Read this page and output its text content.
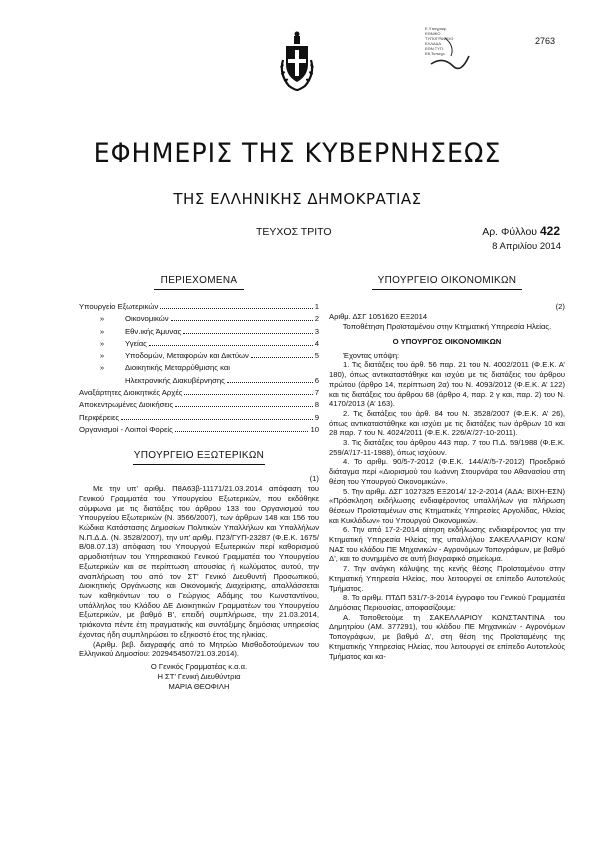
Ε.Υπογραφ.
ΕΘΝΙΚΟ
ΤΥΠΟΓΡΑΦΕΙΟ
ΕΛΛΑΔΑ
ΕΘΝ.ΤΥΠ.
Εθ.Τυπογρ.
2763
ΕΦΗΜΕΡΙΣ ΤΗΣ ΚΥΒΕΡΝΗΣΕΩΣ
ΤΗΣ ΕΛΛΗΝΙΚΗΣ ΔΗΜΟΚΡΑΤΙΑΣ
ΤΕΥΧΟΣ ΤΡΙΤΟ	Αρ. Φύλλου 422
8 Απριλίου 2014

ΠΕΡΙΕΧΟΜΕΝΑ

Υπουργείο Εξωτερικών	1
»	Οικονομικών	2
»	Εθν.ικής Άμυνας	3
»	Υγείας	4
»	Υποδομών, Μεταφορών και Δικτύων	5
»	Διοικητικής Μεταρρύθμισης και
Ηλεκτρονικής Διακυβέρνησης	6
Αναξάρτητες Διοικητικές Αρχές	7
Αποκεντρωμένες Διοικήσεις	8
Περιφέρειες	9
Οργανισμοί - Λοιποί Φορείς	10

ΥΠΟΥΡΓΕΙΟ ΕΞΩΤΕΡΙΚΩΝ

(1)

Με την υπ’ αριθμ. Π8Α63β-11171/21.03.2014 απόφαση του Γενικού Γραμματέα του Υπουργείου Εξωτερικών, που εκδόθηκε σύμφωνα με τις διατάξεις του άρθρου 133 του Οργανισμού του Υπουργείου Εξωτερικών (Ν. 3566/2007), των άρθρων 148 και 156 του Κώδικα Κατάστασης Δημοσίων Πολιτικών Υπαλλήλων και Υπαλλήλων Ν.Π.Δ.Δ. (Ν. 3528/2007), την υπ’ αριθμ. Π23/ΓΥΠ-23287 (Φ.Ε.Κ. 1675/Β/08.07.13) απόφαση του Υπουργού Εξωτερικών περί καθορισμού αρμοδιοτήτων του Υπηρεσιακού Γενικού Γραμματέα του Υπουργείου Εξωτερικών και σε περίπτωση απουσίας ή κωλύματος αυτού, την αναπλήρωση του από τον ΣΤ’ Γενικό Διευθυντή Προσωπικού, Διοικητικής Οργάνωσης και Οικονομικής Διαχείρισης, απαλλάσσεται των καθηκόντων του ο Γεώργιος Αδάμης του Κωνσταντίνου, υπάλληλος του Κλάδου ΔΕ Διοικητικών Γραμματέων του Υπουργείου Εξωτερικών, με βαθμό Β’, επειδή συμπλήρωσε, την 21.03.2014, τριάκοντα πέντε έτη πραγματικής και συντάξιμης δημόσιας υπηρεσίας έχοντας ήδη συμπληρώσει το εξηκοστό έτος της ηλικίας.

(Αριθμ. βεβ. διαγραφής από το Μητρώο Μισθοδοτούμενων του Ελληνικού Δημοσίου: 2029454507/21.03.2014).

Ο Γενικός Γραμματέας κ.α.α.

Η ΣΤ’ Γενική Διευθύντρια

ΜΑΡΙΑ ΘΕΟΦΙΛΗ

ΥΠΟΥΡΓΕΙΟ ΟΙΚΟΝΟΜΙΚΩΝ

(2)

Αριθμ. ΔΣΓ 1051620 ΕΞ2014

Τοποθέτηση Προϊσταμένου στην Κτηματική Υπηρεσία Ηλείας.

Ο ΥΠΟΥΡΓΟΣ ΟΙΚΟΝΟΜΙΚΩΝ

Έχοντας υπόψη:

1. Τις διατάξεις του άρθ. 56 παρ. 21 του Ν. 4002/2011 (Φ.Ε.Κ. Α’ 180), όπως αντικαταστάθηκε και ισχύει με τις διατάξεις του άρθρου πρώτου (άρθρο 14, περίπτωση 2α) του Ν. 4093/2012 (Φ.Ε.Κ. Α’ 122) και τις διατάξεις του άρθρου 68 (άρθρο 4, παρ. 2 γ και, παρ. 2) του Ν. 4170/2013 (Α’ 163).

2. Τις διατάξεις του άρθ. 84 του Ν. 3528/2007 (Φ.Ε.Κ. Α’ 26), όπως αντικαταστάθηκε και ισχύει με τις διατάξεις των άρθρων 10 και 28 παρ. 7 του Ν. 4024/2011 (Φ.Ε.Κ. 226/Α’/27-10-2011).

3. Τις διατάξεις του άρθρου 443 παρ. 7 του Π.Δ. 59/1988 (Φ.Ε.Κ. 259/Α’/17-11-1988), όπως ισχύουν.

4. Το αριθμ. 90/5-7-2012 (Φ.Ε.Κ. 144/Α’/5-7-2012) Προεδρικό διάταγμα περί «Διορισμού του Ιωάννη Στουρνάρα του Αθανασίου στη θέση του Υπουργού Οικονομικών».

5. Την αριθμ. ΔΣΓ 1027325 ΕΞ2014/ 12-2-2014 (ΑΔΑ: ΒΙΧΗ-ΕΣΝ) «Πρόσκληση εκδήλωσης ενδιαφέροντος υπαλλήλων για πλήρωση θέσεων Προϊσταμένων στις Κτηματικές Υπηρεσίες Αργολίδας, Ηλείας και Κυκλάδων» του Υπουργού Οικονομικών.

6. Την από 17-2-2014 αίτηση εκδήλωσης ενδιαφέροντος για την Κτηματική Υπηρεσία Ηλείας της υπαλλήλου ΣΑΚΕΛΛΑΡΙΟΥ ΚΩΝ/ΝΑΣ του κλάδου ΠΕ Μηχανικών - Αγρονόμων Τοπογράφων, με βαθμό Δ’, και το συνημμένο σε αυτή βιογραφικό σημείωμα.

7. Την ανάγκη κάλυψης της κενής θέσης Προϊσταμένου στην Κτηματική Υπηρεσία Ηλείας, που λειτουργεί σε επίπεδο Αυτοτελούς Τμήματος.

8. Το αριθμ. ΠΤΔΠ 531/7-3-2014 έγγραφο του Γενικού Γραμματέα Δημόσιας Περιουσίας, αποφασίζουμε:

Α. Τοποθετούμε τη ΣΑΚΕΛΛΑΡΙΟΥ ΚΩΝΣΤΑΝΤΙΝΑ του Δημητρίου (ΑΜ. 377291), του κλάδου ΠΕ Μηχανικών - Αγρονόμων Τοπογράφων, με βαθμό Δ’, στη θέση της Προϊσταμένης της Κτηματικής Υπηρεσίας Ηλείας, που λειτουργεί σε επίπεδο Αυτοτελούς Τμήματος και κα-
